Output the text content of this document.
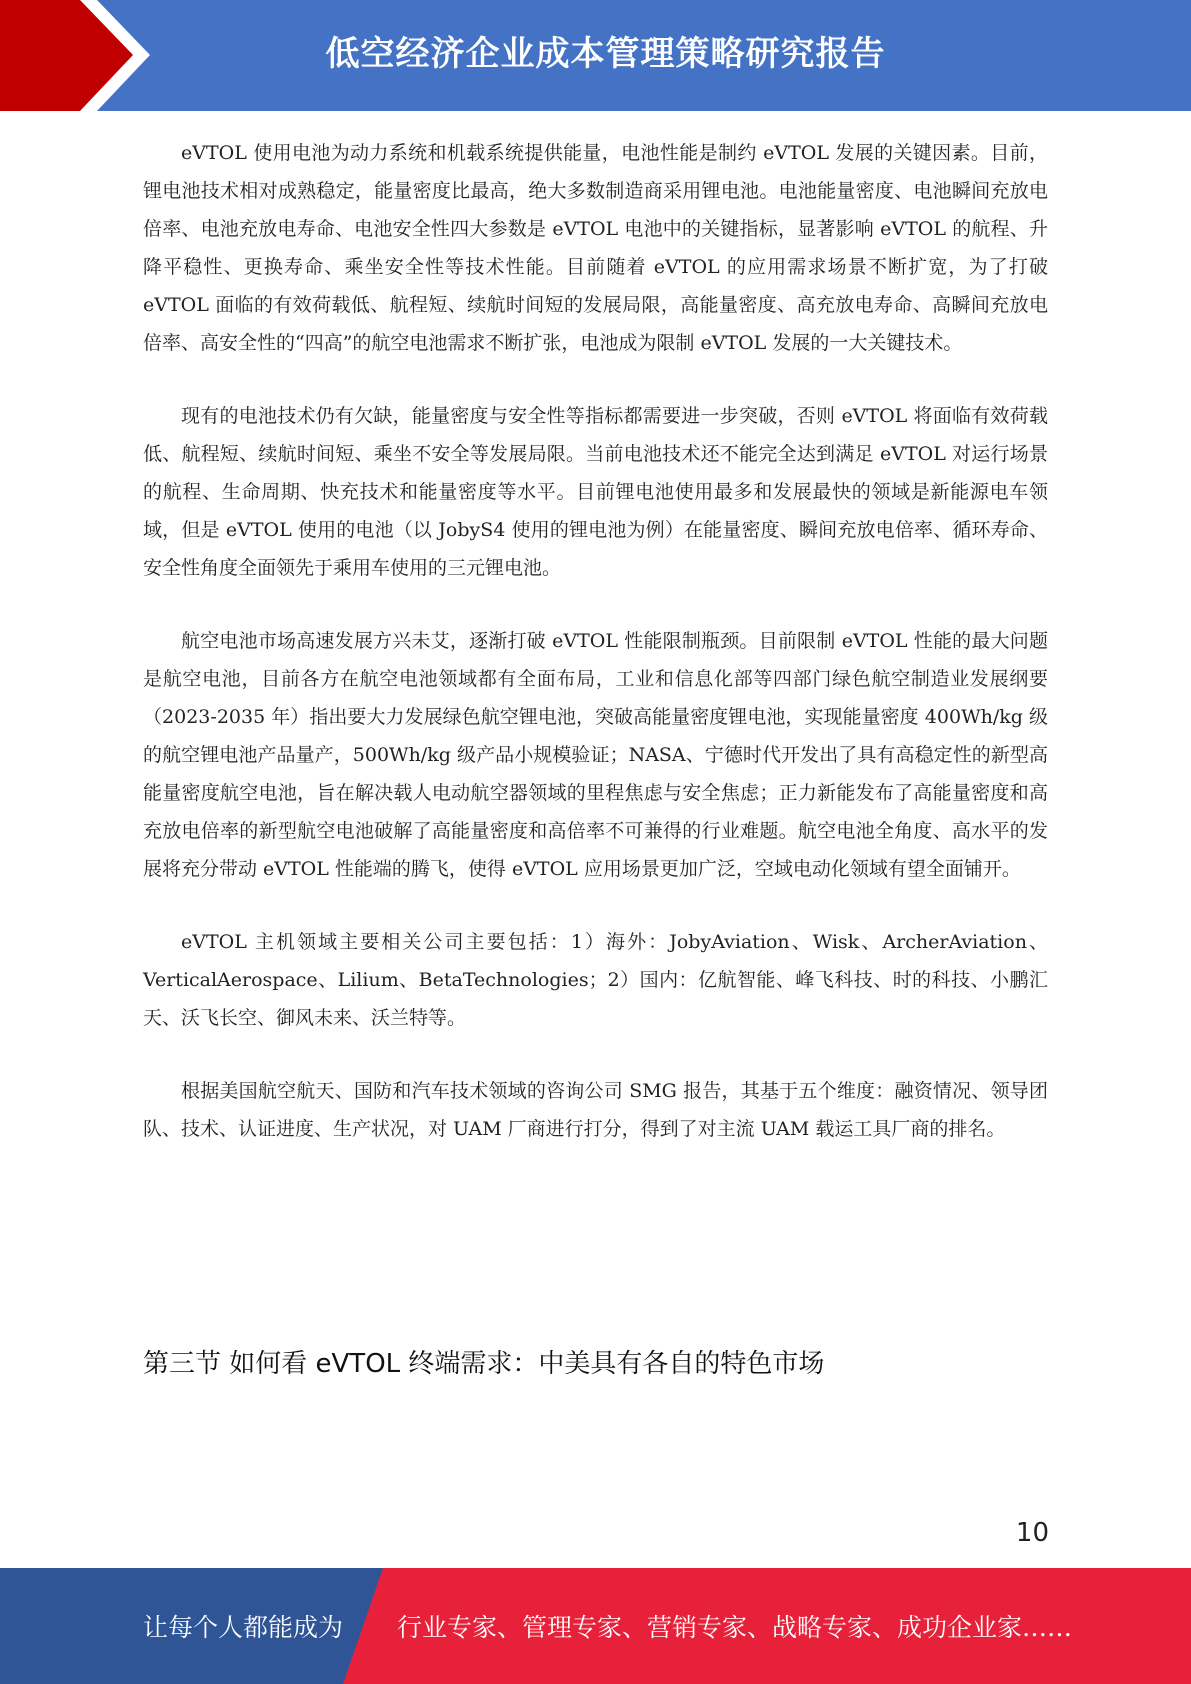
低空经济企业成本管理策略研究报告

eVTOL 使用电池为动力系统和机载系统提供能量，电池性能是制约 eVTOL 发展的关键因素。目前，锂电池技术相对成熟稳定，能量密度比最高，绝大多数制造商采用锂电池。电池能量密度、电池瞬间充放电倍率、电池充放电寿命、电池安全性四大参数是 eVTOL 电池中的关键指标，显著影响 eVTOL 的航程、升降平稳性、更换寿命、乘坐安全性等技术性能。目前随着 eVTOL 的应用需求场景不断扩宽，为了打破 eVTOL 面临的有效荷载低、航程短、续航时间短的发展局限，高能量密度、高充放电寿命、高瞬间充放电倍率、高安全性的“四高”的航空电池需求不断扩张，电池成为限制 eVTOL 发展的一大关键技术。

现有的电池技术仍有欠缺，能量密度与安全性等指标都需要进一步突破，否则 eVTOL 将面临有效荷载低、航程短、续航时间短、乘坐不安全等发展局限。当前电池技术还不能完全达到满足 eVTOL 对运行场景的航程、生命周期、快充技术和能量密度等水平。目前锂电池使用最多和发展最快的领域是新能源电车领域，但是 eVTOL 使用的电池（以 JobyS4 使用的锂电池为例）在能量密度、瞬间充放电倍率、循环寿命、安全性角度全面领先于乘用车使用的三元锂电池。

航空电池市场高速发展方兴未艾，逐渐打破 eVTOL 性能限制瓶颈。目前限制 eVTOL 性能的最大问题是航空电池，目前各方在航空电池领域都有全面布局，工业和信息化部等四部门绿色航空制造业发展纲要（2023-2035 年）指出要大力发展绿色航空锂电池，突破高能量密度锂电池，实现能量密度 400Wh/kg 级的航空锂电池产品量产，500Wh/kg 级产品小规模验证；NASA、宁德时代开发出了具有高稳定性的新型高能量密度航空电池，旨在解决载人电动航空器领域的里程焦虑与安全焦虑；正力新能发布了高能量密度和高充放电倍率的新型航空电池破解了高能量密度和高倍率不可兼得的行业难题。航空电池全角度、高水平的发展将充分带动 eVTOL 性能端的腾飞，使得 eVTOL 应用场景更加广泛，空域电动化领域有望全面铺开。

eVTOL 主机领域主要相关公司主要包括：1）海外：JobyAviation、Wisk、ArcherAviation、VerticalAerospace、Lilium、BetaTechnologies；2）国内：亿航智能、峰飞科技、时的科技、小鹏汇天、沃飞长空、御风未来、沃兰特等。

根据美国航空航天、国防和汽车技术领域的咨询公司 SMG 报告，其基于五个维度：融资情况、领导团队、技术、认证进度、生产状况，对 UAM 厂商进行打分，得到了对主流 UAM 载运工具厂商的排名。

第三节 如何看 eVTOL 终端需求：中美具有各自的特色市场
10
让每个人都能成为 行业专家、管理专家、营销专家、战略专家、成功企业家……
